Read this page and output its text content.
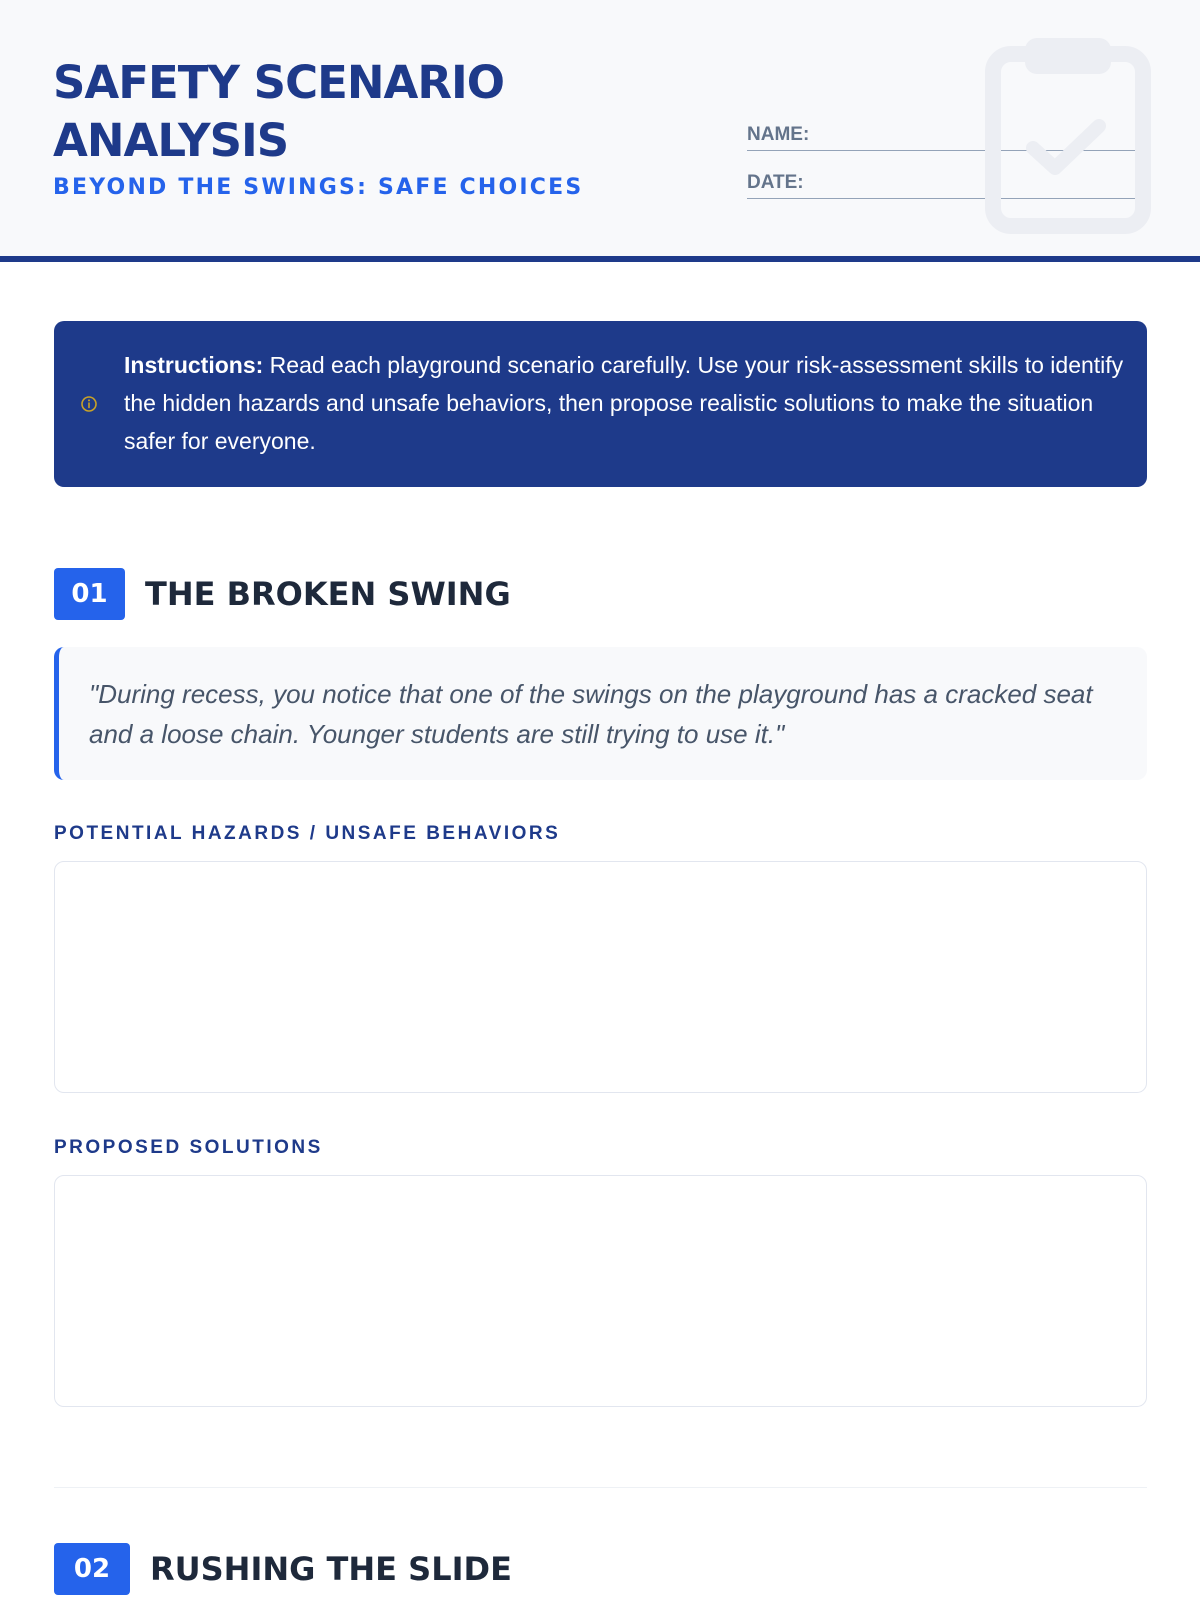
SAFETY SCENARIO ANALYSIS
BEYOND THE SWINGS: SAFE CHOICES
NAME:
DATE:
Instructions: Read each playground scenario carefully. Use your risk-assessment skills to identify the hidden hazards and unsafe behaviors, then propose realistic solutions to make the situation safer for everyone.
01	THE BROKEN SWING
"During recess, you notice that one of the swings on the playground has a cracked seat and a loose chain. Younger students are still trying to use it."
POTENTIAL HAZARDS / UNSAFE BEHAVIORS
PROPOSED SOLUTIONS
02	RUSHING THE SLIDE
